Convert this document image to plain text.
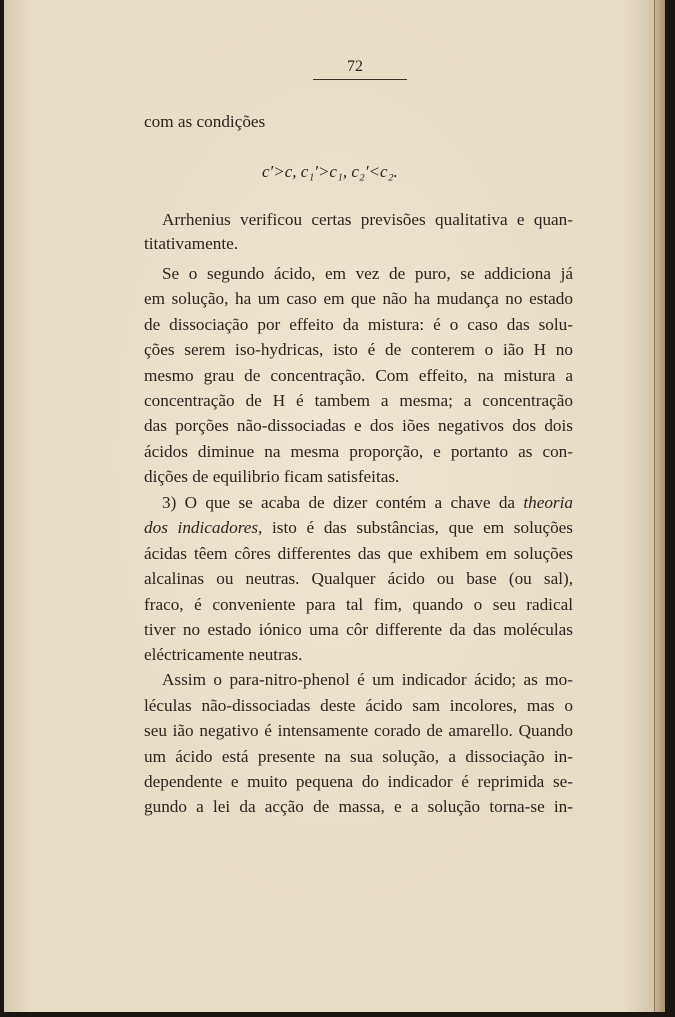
72
com as condições
c′>c, c₁′>c₁, c₂′<c₂.
Arrhenius verificou certas previsões qualitativa e quan-
titativamente.
Se o segundo ácido, em vez de puro, se addiciona já
em solução, ha um caso em que não ha mudança no estado
de dissociação por effeito da mistura: é o caso das solu-
ções serem iso-hydricas, isto é de conterem o ião H no
mesmo grau de concentração. Com effeito, na mistura a
concentração de H é tambem a mesma; a concentração
das porções não-dissociadas e dos iões negativos dos dois
ácidos diminue na mesma proporção, e portanto as con-
dições de equilibrio ficam satisfeitas.
3) O que se acaba de dizer contém a chave da theoria
dos indicadores, isto é das substâncias, que em soluções
ácidas têem côres differentes das que exhibem em soluções
alcalinas ou neutras. Qualquer ácido ou base (ou sal),
fraco, é conveniente para tal fim, quando o seu radical
tiver no estado iónico uma côr differente da das moléculas
eléctricamente neutras.
Assim o para-nitro-phenol é um indicador ácido; as mo-
léculas não-dissociadas deste ácido sam incolores, mas o
seu ião negativo é intensamente corado de amarello. Quando
um ácido está presente na sua solução, a dissociação in-
dependente e muito pequena do indicador é reprimida se-
gundo a lei da acção de massa, e a solução torna-se in-
